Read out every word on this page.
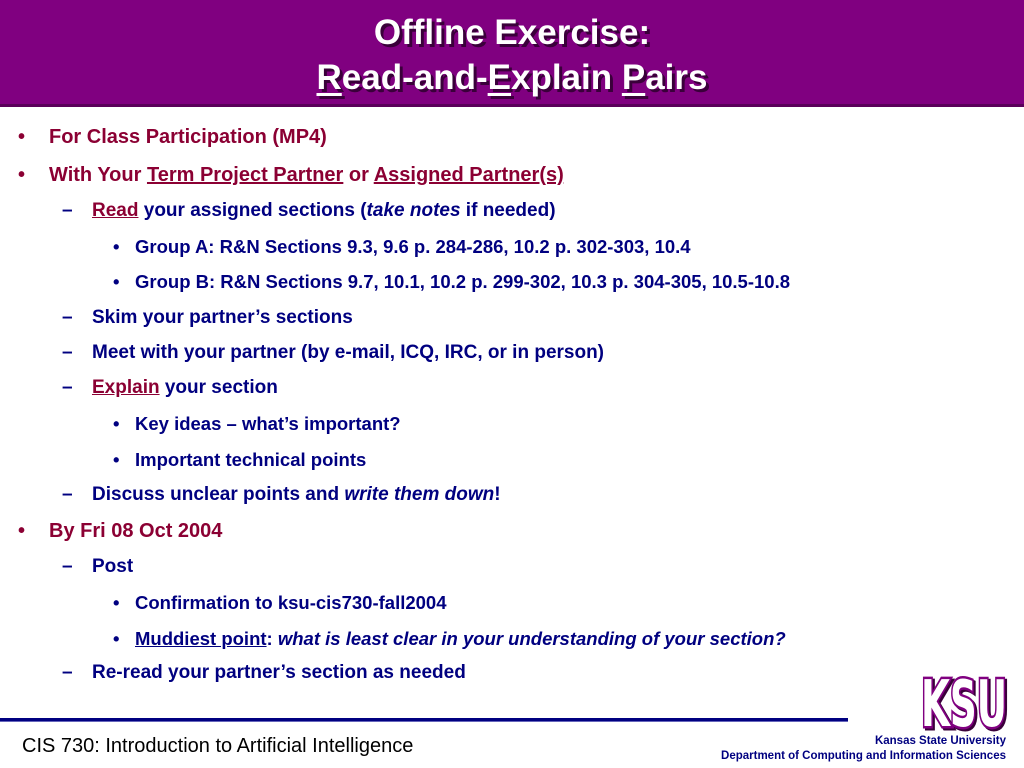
Offline Exercise:
Read-and-Explain Pairs
• For Class Participation (MP4)
• With Your Term Project Partner or Assigned Partner(s)
– Read your assigned sections (take notes if needed)
• Group A: R&N Sections 9.3, 9.6 p. 284-286, 10.2 p. 302-303, 10.4
• Group B: R&N Sections 9.7, 10.1, 10.2 p. 299-302, 10.3 p. 304-305, 10.5-10.8
– Skim your partner’s sections
– Meet with your partner (by e-mail, ICQ, IRC, or in person)
– Explain your section
• Key ideas – what’s important?
• Important technical points
– Discuss unclear points and write them down!
• By Fri 08 Oct 2004
– Post
• Confirmation to ksu-cis730-fall2004
• Muddiest point: what is least clear in your understanding of your section?
– Re-read your partner’s section as needed
CIS 730: Introduction to Artificial Intelligence
KSU
KSU
Kansas State University
Department of Computing and Information Sciences
